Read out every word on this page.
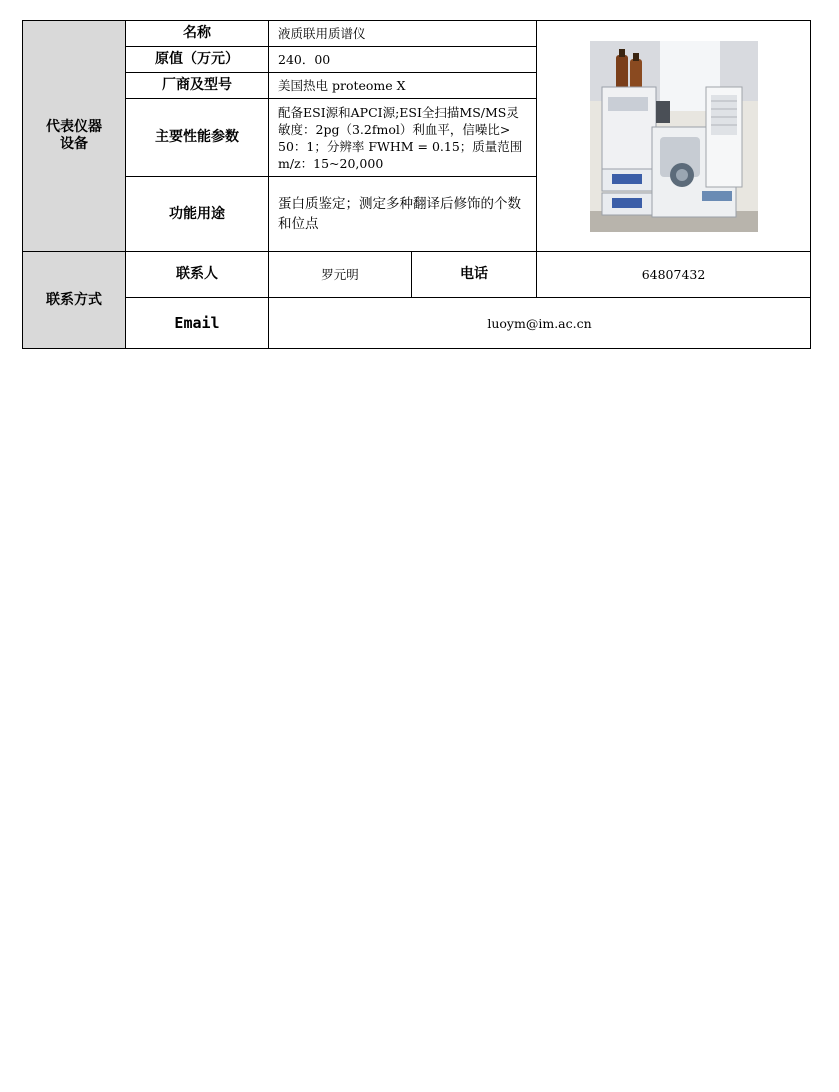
代表仪器设备	名称	液质联用质谱仪	

	原值（万元）	240．00		
	厂商及型号	美国热电 proteome X		
	主要性能参数	配备ESI源和APCI源;ESI全扫描MS/MS灵敏度：2pg（3.2fmol）利血平，信噪比> 50：1；分辨率 FWHM = 0.15；质量范围m/z：15~20,000		
	功能用途	蛋白质鉴定；测定多种翻译后修饰的个数和位点		
联系方式	联系人	罗元明	电话	64807432
	Email	luoym@im.ac.cn		
